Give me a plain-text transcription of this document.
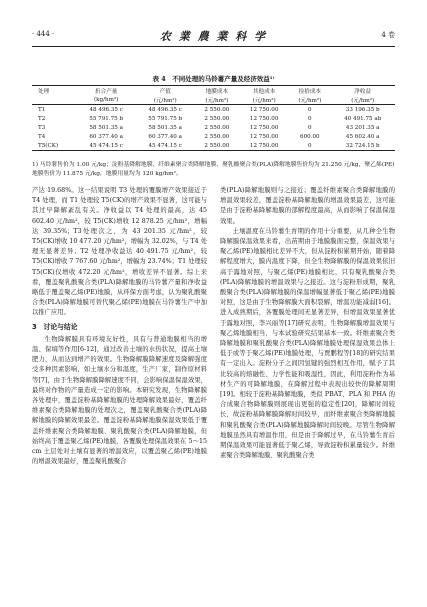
· 444 ·	农 業 農 業 科 学	4 卷
表 4　不同处理的马铃薯产量及经济效益¹⁾
处理	折合产量	产值	地膜成本	其他成本	捡拾成本	净收益
	(kg/hm²)	(元/hm²)	(元/hm²)	(元/hm²)	(元/hm²)	(元/hm²)
T1	48 496.35 c	48 496.35 c	2 550.00	12 750.00	0	33 196.35 b
T2	55 791.75 b	55 791.75 b	2 550.00	12 750.00	0	40 491.75 ab
T3	58 501.35 a	58 501.35 a	2 550.00	12 750.00	0	43 201.35 a
T4	60 377.40 a	60 377.40 a	2 550.00	12 750.00	600.00	45 602.40 a
T5(CK)	45 474.15 c	45 474.15 c	2 550.00	12 750.00	0	32 724.15 b
1) 马铃薯售价为 1.00 元/kg；淀粉基降解地膜、纤维素聚合类降解地膜、聚乳酸聚合类(PLA)降解地膜售价均为 21.250 元/kg，聚乙烯(PE)地膜售价为 11.875 元/kg，地膜用量均为 120 kg/hm²。

产达 19.68%。这一结果说明 T3 处理的覆膜增产效果接近于 T4 处理，而 T1 处理较 T5(CK)的增产效果不显著，这可能与其过早降解紊乱有关。净收益以 T4 处理的最高，达 45 602.40 元/hm²，较 T5(CK)增收 12 878.25 元/hm²，增幅达 39.35%；T3处理次之，为 43 201.35 元/hm²，较 T5(CK)增收 10 477.20 元/hm²，增幅为 32.02%，与 T4 处理无显著差异；T2 处理净收益达 40 491.75 元/hm²，较 T5(CK)增收 7 767.60 元/hm²，增幅为 23.74%；T1 处理较 T5(CK)仅增收 472.20 元/hm²，增收差异不显著。综上来看，覆盖聚乳酸聚合类(PLA)降解地膜的马铃薯产量和净收益略低于覆盖聚乙烯(PE)地膜，从环保方面考虑，认为聚乳酸聚合类(PLA)降解地膜可替代聚乙烯(PE)地膜在马铃薯生产中加以推广应用。

3　讨论与结论

生物降解膜具有环境友好性，具有与普通地膜相当的增温、保墒等作用[6-12]，通过改善土壤的水热状况，提高土壤肥力，从而达到增产的效果。生物降解膜降解速度及降解强度受多种因素影响，如土壤水分和温度，生产厂家，制作原材料等[7]，由于生物降解膜降解速度不同，会影响保温保湿效果，最终对作物的产量造成一定的影响。本研究发现，生物降解膜各处理中，覆盖淀粉基降解地膜的处理降解效果最好，覆盖纤维素聚合类降解地膜的处理次之，覆盖聚乳酸聚合类(PLA)降解地膜的降解效果最差。覆盖淀粉基降解地膜保湿效果低于覆盖纤维素聚合类降解地膜、聚乳酸聚合类(PLA)降解地膜，但始终高于覆盖聚乙烯(PE)地膜，各覆膜处理保温效果在 5～15 cm 土层处对土壤有显著的增温效应，以覆盖聚乙烯(PE)地膜的增温效果最好，覆盖聚乳酸聚合

类(PLA)降解地膜则与之接近；覆盖纤维素聚合类降解地膜的增温效果较差，覆盖淀粉基降解地膜的增温效果最差，这可能是由于淀粉基降解地膜的部解程度最高，从而影响了保温保湿效果。

土壤温度在马铃薯生育期的作用十分重要，从几种全生物降解膜保温效果来看，出苗期由于地膜膜面完整，保温效果与聚乙烯(PE)地膜相比差异不大，但从淀粉积累期开始，随着降解程度增大，膜内温度下降，但全生物降解膜的保温效果依旧高于露地对照，与聚乙烯(PE)地膜相比，只有聚乳酸聚合类(PLA)降解地膜的增温效果与之接近。这与淀粉形成期，聚乳酸聚合类(PLA)降解地膜的保温增幅显著低于聚乙烯(PE)地膜对照，这是由于生物降解膜大面积裂解，增温功能减弱[16]。进入成熟期后，各覆膜处理间无显著差异，但增温效果显著优于露地对照，李兴丽等[17]研究表明，生物降解膜增温效果与聚乙烯地膜相当，与本试验研究结果基本一致。纤维素聚合类降解地膜和聚乳酸聚合类(PLA)降解地膜处理保湿效果总体上低于或等于聚乙烯(PE)地膜处理，与贾鹏程等[18]的研究结果有一定出入。淀粉分子之间因氢键的强烈相互作用，赋予了其比较高的熔融性、力学性能和吸湿性，因此，利用淀粉作为基材生产的可降解地膜，在降解过程中表现出较快的降解周期[19]。相较于淀粉基降解地膜，类似 PBAT、PLA 和 PHA 的合成聚合物降解膜则展现出更强的稳定性[20]，降解时间较长，故淀粉基降解膜降解时间较早，而纤维素聚合类降解地膜和聚乳酸聚合类(PLA)降解地膜降解时间较晚。尽管生物降解地膜虽然具有增温作用，但是由于降解过早，在马铃薯生育后期保温效果可能显著低于聚乙烯，导致淀粉积累量较少。纤维素聚合类降解地膜、聚乳酸聚合类
